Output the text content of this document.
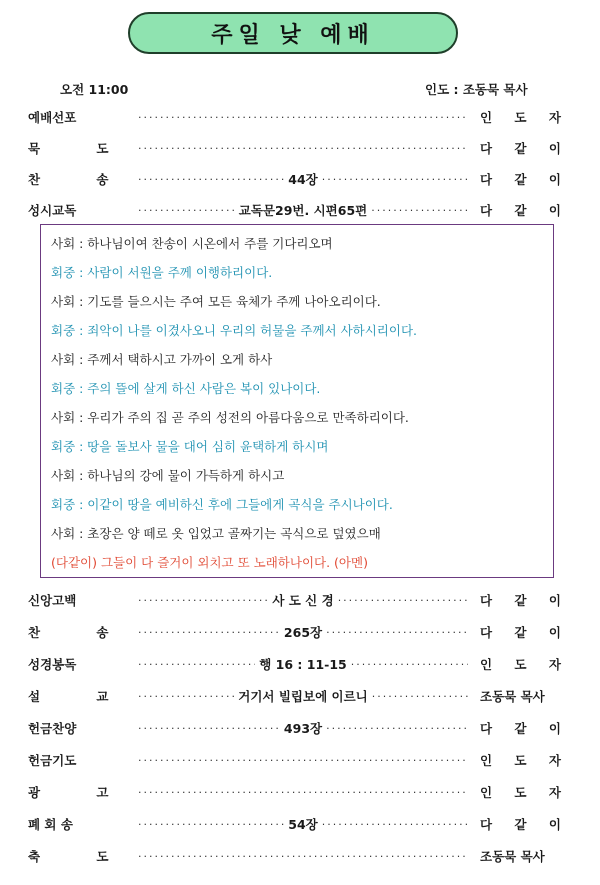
주일 낮 예배
오전 11:00	인도 : 조동묵 목사
예배선포 ·····	인 도 자
묵 도 ·····	다 같 이
찬 송 ·····	44장 ·····	다 같 이
성시교독 ·····	교독문29번. 시편65편 ·····	다 같 이
사회 : 하나님이여 찬송이 시온에서 주를 기다리오며
회중 : 사람이 서원을 주께 이행하리이다.
사회 : 기도를 들으시는 주여 모든 육체가 주께 나아오리이다.
회중 : 죄악이 나를 이겼사오니 우리의 허물을 주께서 사하시리이다.
사회 : 주께서 택하시고 가까이 오게 하사
회중 : 주의 뜰에 살게 하신 사람은 복이 있나이다.
사회 : 우리가 주의 집 곧 주의 성전의 아름다움으로 만족하리이다.
회중 : 땅을 돌보사 물을 대어 심히 윤택하게 하시며
사회 : 하나님의 강에 물이 가득하게 하시고
회중 : 이같이 땅을 예비하신 후에 그들에게 곡식을 주시나이다.
사회 : 초장은 양 떼로 옷 입었고 골짜기는 곡식으로 덮였으매
(다같이) 그들이 다 즐거이 외치고 또 노래하나이다. (아멘)
신앙고백 ·····	사 도 신 경 ·····	다 같 이
찬 송 ·····	265장 ·····	다 같 이
성경봉독 ·····	행 16 : 11-15 ·····	인 도 자
설 교 ·····	거기서 빌립보에 이르니 ·····	조동묵 목사
헌금찬양 ·····	493장 ·····	다 같 이
헌금기도 ·····	인 도 자
광 고 ·····	인 도 자
폐 회 송 ·····	54장 ·····	다 같 이
축 도 ·····	조동묵 목사
